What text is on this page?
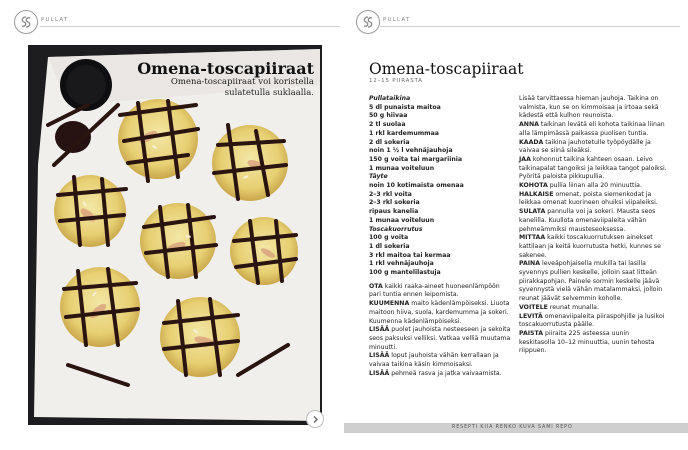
PULLAT	PULLAT
Omena-toscapiiraat
Omena-toscapiiraat voi koristella sulatetulla suklaalla.
Omena-toscapiiraat
12–15 PIIRASTA
Pullataikina
5 dl punaista maitoa
50 g hiivaa
2 tl suolaa
1 rkl kardemummaa
2 dl sokeria
noin 1 ½ l vehnäjauhoja
150 g voita tai margariinia
1 munaa voiteluun
Täyte
noin 10 kotimaista omenaa
2–3 rkl voita
2–3 rkl sokeria
ripaus kanelia
1 munaa voiteluun
Toscakuorrutus
100 g voita
1 dl sokeria
3 rkl maitoa tai kermaa
1 rkl vehnäjauhoja
100 g mantelilastuja

OTA kaikki raaka-aineet huoneenlämpöön pari tuntia ennen leipomista.

KUUMENNA maito kädenlämpöiseksi. Liuota maitoon hiiva, suola, kardemumma ja sokeri. Kuumenna kädenlämpöiseksi.

LISÄÄ puolet jauhoista nesteeseen ja sekoita seos paksuksi velliksi. Vatkaa velliä muutama minuutti.

LISÄÄ loput jauhoista vähän kerrallaan ja vaivaa taikina käsin kimmoisaksi.

LISÄÄ pehmeä rasva ja jatka vaivaamista.

Lisää tarvittaessa hieman jauhoja. Taikina on valmista, kun se on kimmoisaa ja irtoaa sekä kädestä että kulhon reunoista.

ANNA taikinan levätä eli kohota taikinaa liinan alla lämpimässä paikassa puolisen tuntia.

KAADA taikina jauhotetulle työpöydälle ja vaivaa se siinä sileäksi.

JAA kohonnut taikina kahteen osaan. Leivo taikinapalat tangoiksi ja leikkaa tangot paloiksi. Pyöritä paloista pikkupullia.

KOHOTA pullia liinan alla 20 minuuttia.

HALKAISE omenat, poista siemenkodat ja leikkaa omenat kuorineen ohuiksi viipaleiksi.

SULATA pannulla voi ja sokeri. Mausta seos kanelilla. Kuullota omenaviipaleita vähän pehmeämmiksi mausteseoksessa.

MITTAA kaikki toscakuorrutuksen ainekset kattilaan ja keitä kuorrutusta hetki, kunnes se sakenee.

PAINA leveäpohjaisella mukilla tai lasilla syvennys pullien keskelle, jolloin saat litteän piirakkapohjan. Painele sormin keskelle jäävä syvennystä vielä vähän matalammaksi, jolloin reunat jäävät selvemmin koholle.

VOITELE reunat munalla.

LEVITÄ omenaviipaleita piiraspohjille ja lusikoi toscakuorrutusta päälle.

PAISTA piiraita 225 asteessa uunin keskitasolla 10–12 minuuttia, uunin tehosta riippuen.

RESEPTI KIIA RENKO KUVA SAMI REPO
